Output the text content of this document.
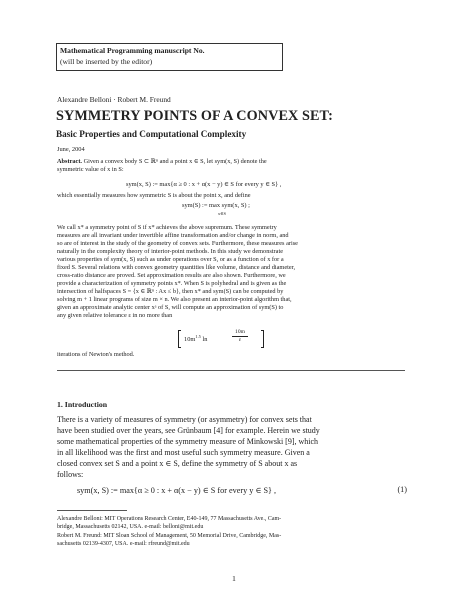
Mathematical Programming manuscript No.
(will be inserted by the editor)
Alexandre Belloni · Robert M. Freund
SYMMETRY POINTS OF A CONVEX SET:
Basic Properties and Computational Complexity
June, 2004
Abstract. Given a convex body S ⊂ ℝⁿ and a point x ∈ S, let sym(x, S) denote the
symmetric value of x in S:
sym(x, S) := max{α ≥ 0 : x + α(x − y) ∈ S for every y ∈ S} ,
which essentially measures how symmetric S is about the point x, and define
sym(S) := max sym(x, S) ;
x∈S
We call x* a symmetry point of S if x* achieves the above supremum. These symmetry
measures are all invariant under invertible affine transformation and/or change in norm, and
so are of interest in the study of the geometry of convex sets. Furthermore, these measures arise
naturally in the complexity theory of interior-point methods. In this study we demonstrate
various properties of sym(x, S) such as under operations over S, or as a function of x for a
fixed S. Several relations with convex geometry quantities like volume, distance and diameter,
cross-ratio distance are proved. Set approximation results are also shown. Furthermore, we
provide a characterization of symmetry points x*. When S is polyhedral and is given as the
intersection of halfspaces S = {x ∈ ℝⁿ : Ax ≤ b}, then x* and sym(S) can be computed by
solving m + 1 linear programs of size m × n. We also present an interior-point algorithm that,
given an approximate analytic center xᵃ of S, will compute an approximation of sym(S) to
any given relative tolerance ε in no more than
$10m^{1.5}$ ln	$\frac{10m}{\varepsilon}$
iterations of Newton's method.
1. Introduction
There is a variety of measures of symmetry (or asymmetry) for convex sets that
have been studied over the years, see Grünbaum [4] for example. Herein we study
some mathematical properties of the symmetry measure of Minkowski [9], which
in all likelihood was the first and most useful such symmetry measure. Given a
closed convex set S and a point x ∈ S, define the symmetry of S about x as
follows:
sym(x, S) := max{α ≥ 0 : x + α(x − y) ∈ S for every y ∈ S} ,	(1)
Alexandre Belloni: MIT Operations Research Center, E40-149, 77 Massachusetts Ave., Cam-
bridge, Massachusetts 02142, USA. e-mail: belloni@mit.edu
Robert M. Freund: MIT Sloan School of Management, 50 Memorial Drive, Cambridge, Mas-
sachusetts 02139-4307, USA. e-mail: rfreund@mit.edu
1
